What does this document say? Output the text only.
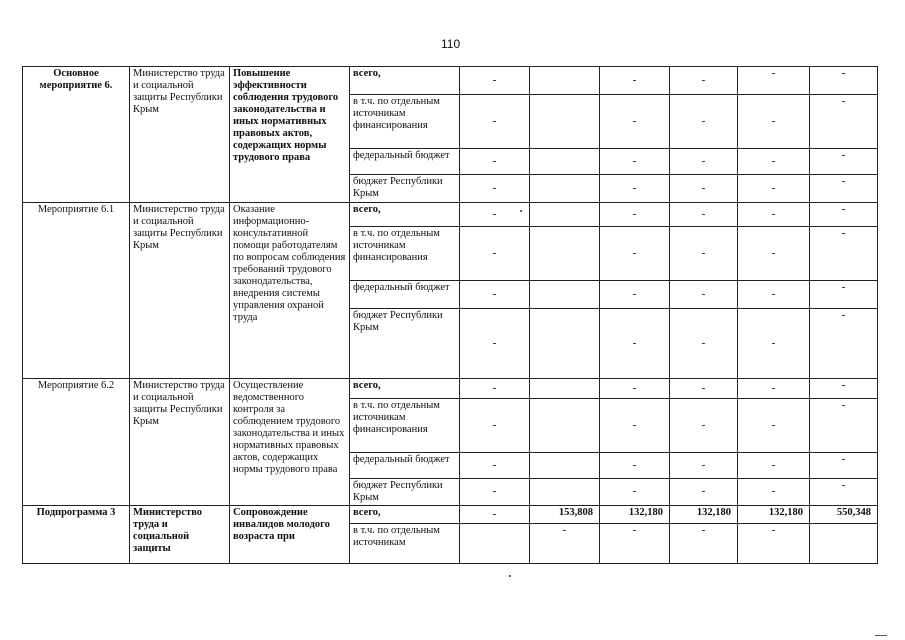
110
Основное мероприятие 6.	Министерство труда и социальной защиты Республики Крым	Повышение эффективности соблюдения трудового законодательства и иных нормативных правовых актов, содержащих нормы трудового права	всего,	-		-	-	-	-
			в т.ч. по отдельным источникам финансирования	-		-	-	-	-
			федеральный бюджет	-		-	-	-	-
			бюджет Республики Крым	-		-	-	-	-
Мероприятие 6.1	Министерство труда и социальной защиты Республики Крым	Оказание информационно-консультативной помощи работодателям по вопросам соблюдения требований трудового законодательства, внедрения системы управления охраной труда	всего,	-		-	-	-	-
			в т.ч. по отдельным источникам финансирования	-		-	-	-	-
			федеральный бюджет	-		-	-	-	-
			бюджет Республики Крым	-		-	-	-	-
Мероприятие 6.2	Министерство труда и социальной защиты Республики Крым	Осуществление ведомственного контроля за соблюдением трудового законодательства и иных нормативных правовых актов, содержащих нормы трудового права	всего,	-		-	-	-	-
			в т.ч. по отдельным источникам финансирования	-		-	-	-	-
			федеральный бюджет	-		-	-	-	-
			бюджет Республики Крым	-		-	-	-	-
Подпрограмма 3	Министерство труда и социальной защиты	Сопровождение инвалидов молодого возраста при	всего,	-	153,808	132,180	132,180	132,180	550,348
			в т.ч. по отдельным источникам		-	-	-	-	
